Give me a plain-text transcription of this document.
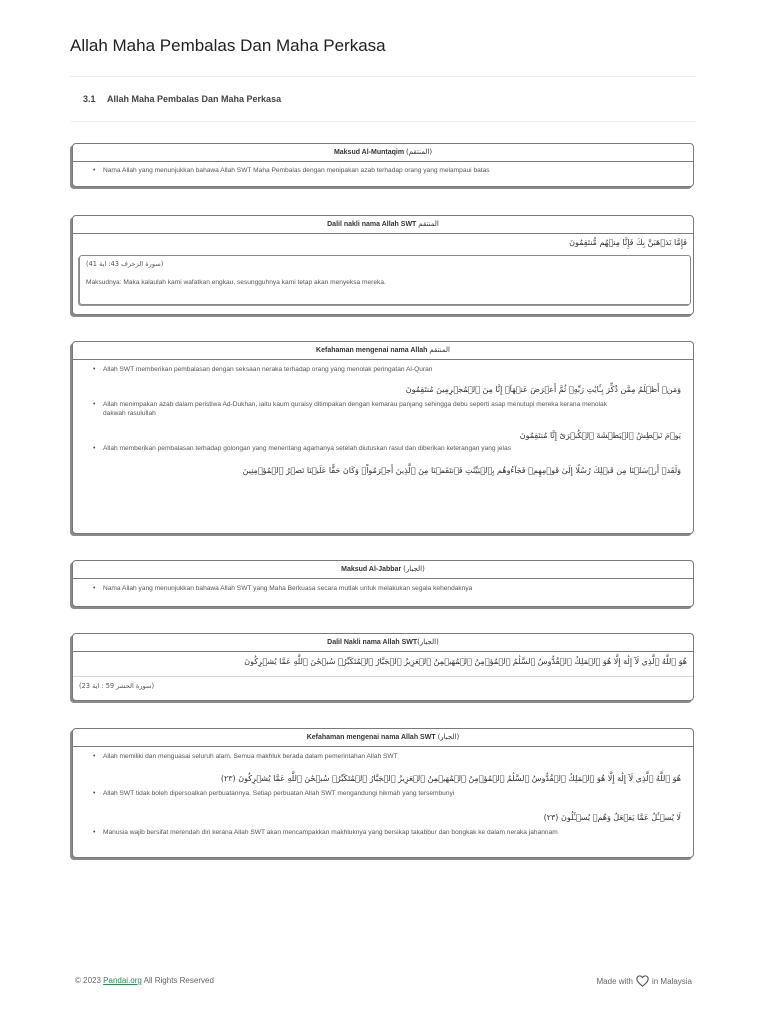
Allah Maha Pembalas Dan Maha Perkasa
3.1 Allah Maha Pembalas Dan Maha Perkasa
Maksud Al-Muntaqim (المنتقم)

• Nama Allah yang menunjukkan bahawa Allah SWT Maha Pembalas dengan menipakan azab terhadap orang yang melampaui batas

Dalil nakli nama Allah SWT المنتقم

فَإِمَّا نَذۡهَبَنَّ بِكَ فَإِنَّا مِنۡهُم مُّنتَقِمُونَ

(سورة الزخرف 43: اية 41)

Maksudnya: Maka kalaulah kami wafatkan engkau, sesungguhnya kami tetap akan menyeksa mereka.

Kefahaman mengenai nama Allah المنتقم

• Allah SWT memberikan pembalasan dengan seksaan neraka terhadap orang yang menolak peringatan Al-Quran

وَمَنۡ أَظۡلَمُ مِمَّن ذُكِّرَ بِـَٔايَٰتِ رَبِّهِۦ ثُمَّ أَعۡرَضَ عَنۡهَآۚ إِنَّا مِنَ ٱلۡمُجۡرِمِينَ مُنتَقِمُونَ

• Allah menimpakan azab dalam peristiwa Ad-Dukhan, iaitu kaum quraisy ditimpakan dengan kemarau panjang sehingga debu seperti asap menutupi mereka kerana menolak dakwah rasulullah

يَوۡمَ نَبۡطِشُ ٱلۡبَطۡشَةَ ٱلۡكُبۡرَىٰٓ إِنَّا مُنتَقِمُونَ

• Allah memberikan pembalasan terhadap golongan yang menentang agamanya setelah diutuskan rasul dan diberikan keterangan yang jelas

وَلَقَدۡ أَرۡسَلۡنَا مِن قَبۡلِكَ رُسُلًا إِلَىٰ قَوۡمِهِمۡ فَجَآءُوهُم بِٱلۡبَيِّنَٰتِ فَٱنتَقَمۡنَا مِنَ ٱلَّذِينَ أَجۡرَمُواْۖ وَكَانَ حَقًّا عَلَيۡنَا نَصۡرُ ٱلۡمُؤۡمِنِينَ

Maksud Al-Jabbar (الجبار)

• Nama Allah yang menunjukkan bahawa Allah SWT yang Maha Berkuasa secara mutlak untuk melakukan segala kehendaknya

Dalil Nakli nama Allah SWT(الجبار)

هُوَ ٱللَّهُ ٱلَّذِي لَآ إِلَٰهَ إِلَّا هُوَ ٱلۡمَلِكُ ٱلۡقُدُّوسُ ٱلسَّلَٰمُ ٱلۡمُؤۡمِنُ ٱلۡمُهَيۡمِنُ ٱلۡعَزِيزُ ٱلۡجَبَّارُ ٱلۡمُتَكَبِّرُۚ سُبۡحَٰنَ ٱللَّهِ عَمَّا يُشۡرِكُونَ

(سورة الحشر 59 : اية 23)

Kefahaman mengenai nama Allah SWT (الجبار)

• Allah memiliki dan menguasai seluruh alam. Semua makhluk berada dalam pemerintahan Allah SWT

هُوَ ٱللَّهُ ٱلَّذِي لَآ إِلَٰهَ إِلَّا هُوَ ٱلۡمَلِكُ ٱلۡقُدُّوسُ ٱلسَّلَٰمُ ٱلۡمُؤۡمِنُ ٱلۡمُهَيۡمِنُ ٱلۡعَزِيزُ ٱلۡجَبَّارُ ٱلۡمُتَكَبِّرُۚ سُبۡحَٰنَ ٱللَّهِ عَمَّا يُشۡرِكُونَ (٢٣)

• Allah SWT tidak boleh dipersoalkan perbuatannya. Setiap perbuatan Allah SWT mengandungi hikmah yang tersembunyi

لَا يُسۡـَٔلُ عَمَّا يَفۡعَلُ وَهُمۡ يُسۡـَٔلُونَ (٢٣)

• Manusia wajib bersifat merendah diri kerana Allah SWT akan mencampakkan makhluknya yang bersikap takabbur dan bongkak ke dalam neraka jahannam

© 2023 Pandai.org All Rights Reserved	Made with in Malaysia
